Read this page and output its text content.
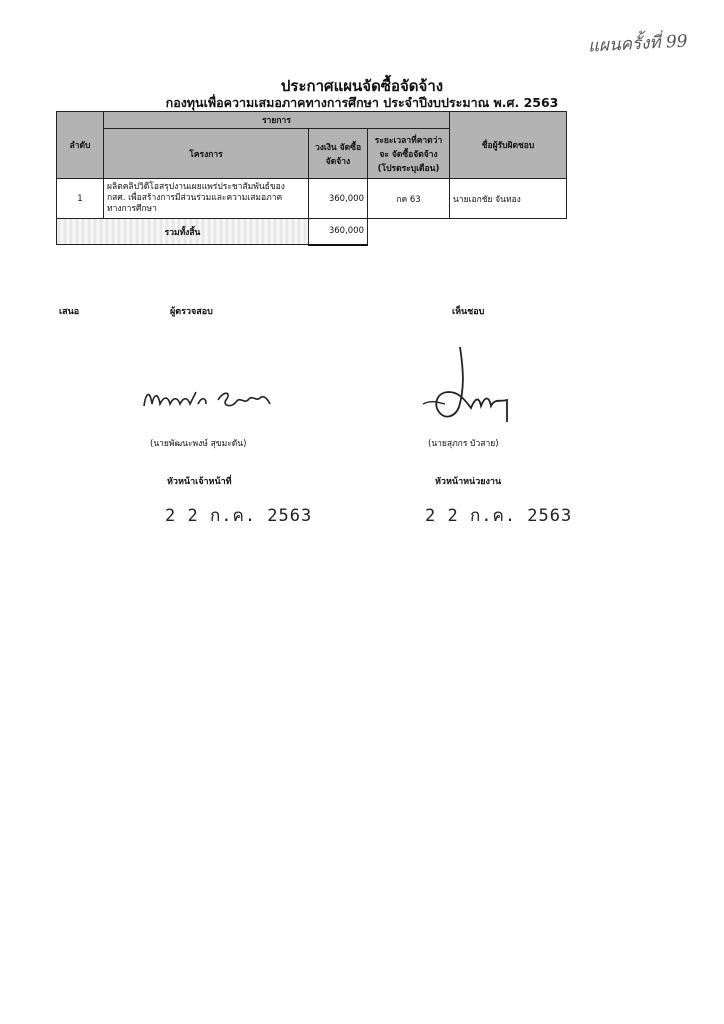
แผนครั้งที่ 99
ประกาศแผนจัดซื้อจัดจ้าง
กองทุนเพื่อความเสมอภาคทางการศึกษา ประจำปีงบประมาณ พ.ศ. 2563
ลำดับ	รายการ			ชื่อผู้รับผิดชอบ
	โครงการ	วงเงิน จัดซื้อจัดจ้าง	ระยะเวลาที่คาดว่าจะ จัดซื้อจัดจ้าง (โปรดระบุเดือน)	
1	ผลิตคลิปวิดีโอสรุปงานเผยแพร่ประชาสัมพันธ์ของ กสศ. เพื่อสร้างการมีส่วนร่วมและความเสมอภาค ทางการศึกษา	360,000	กค 63	นายเอกชัย จันทอง
รวมทั้งสิ้น		360,000		
เสนอ	ผู้ตรวจสอบ	เห็นชอบ
(นายพัฒนะพงษ์ สุขมะดัน)	(นายสุภกร บัวสาย)
หัวหน้าเจ้าหน้าที่	หัวหน้าหน่วยงาน
2 2 ก.ค. 2563	2 2 ก.ค. 2563
